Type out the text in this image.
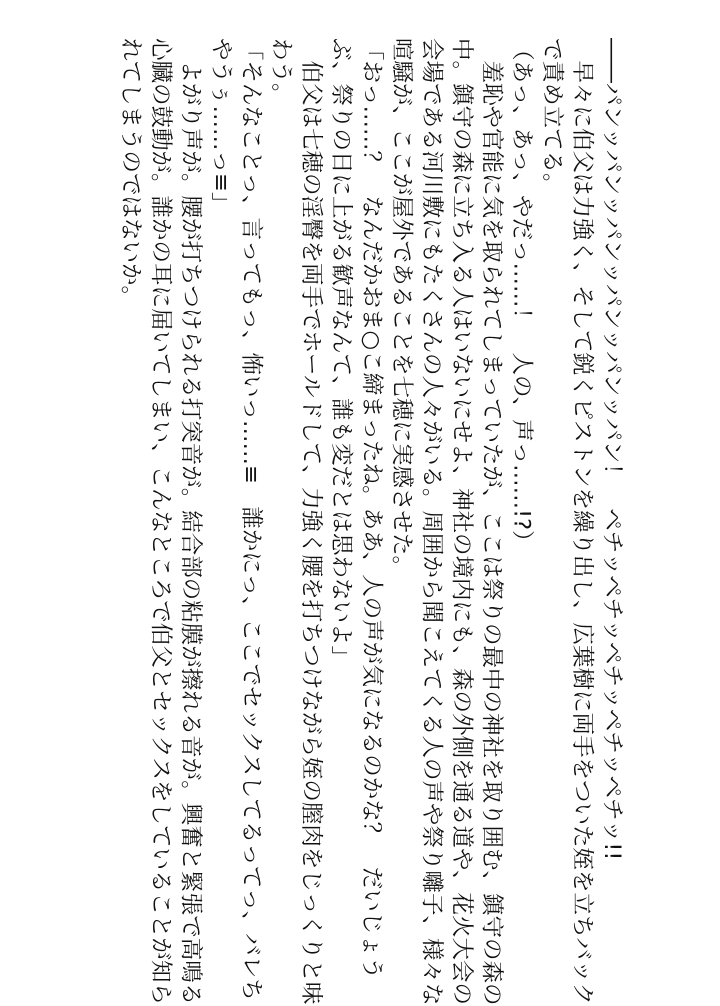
――パンッパンッパンッパンッパンッパン！　ペチッペチッペチッペチッペチッ!!
　早々に伯父は力強く、そして鋭くピストンを繰り出し、広葉樹に両手をついた姪を立ちバック
で責め立てる。
（あっ、あっ、やだっ……！　人の、声っ……!?）
　羞恥や官能に気を取られてしまっていたが、ここは祭りの最中の神社を取り囲む、鎮守の森の
中。鎮守の森に立ち入る人はいないにせよ、神社の境内にも、森の外側を通る道や、花火大会の
会場である河川敷にもたくさんの人々がいる。周囲から聞こえてくる人の声や祭り囃子、様々な
喧騒が、ここが屋外であることを七穂に実感させた。
「おっ……？　なんだかおま○こ締まったね。ああ、人の声が気になるのかな？　だいじょう
ぶ、祭りの日に上がる歓声なんて、誰も変だとは思わないよ」
　伯父は七穂の淫臀を両手でホールドして、力強く腰を打ちつけながら姪の膣肉をじっくりと味
わう。
「そんなことっ、言ってもっ、怖いっ……≡　誰かにっ、ここでセックスしてるってっ、バレち
やうぅ……っ≡」
　よがり声が。腰が打ちつけられる打突音が。結合部の粘膜が擦れる音が。興奮と緊張で高鳴る
心臓の鼓動が。誰かの耳に届いてしまい、こんなところで伯父とセックスをしていることが知ら
れてしまうのではないか。
